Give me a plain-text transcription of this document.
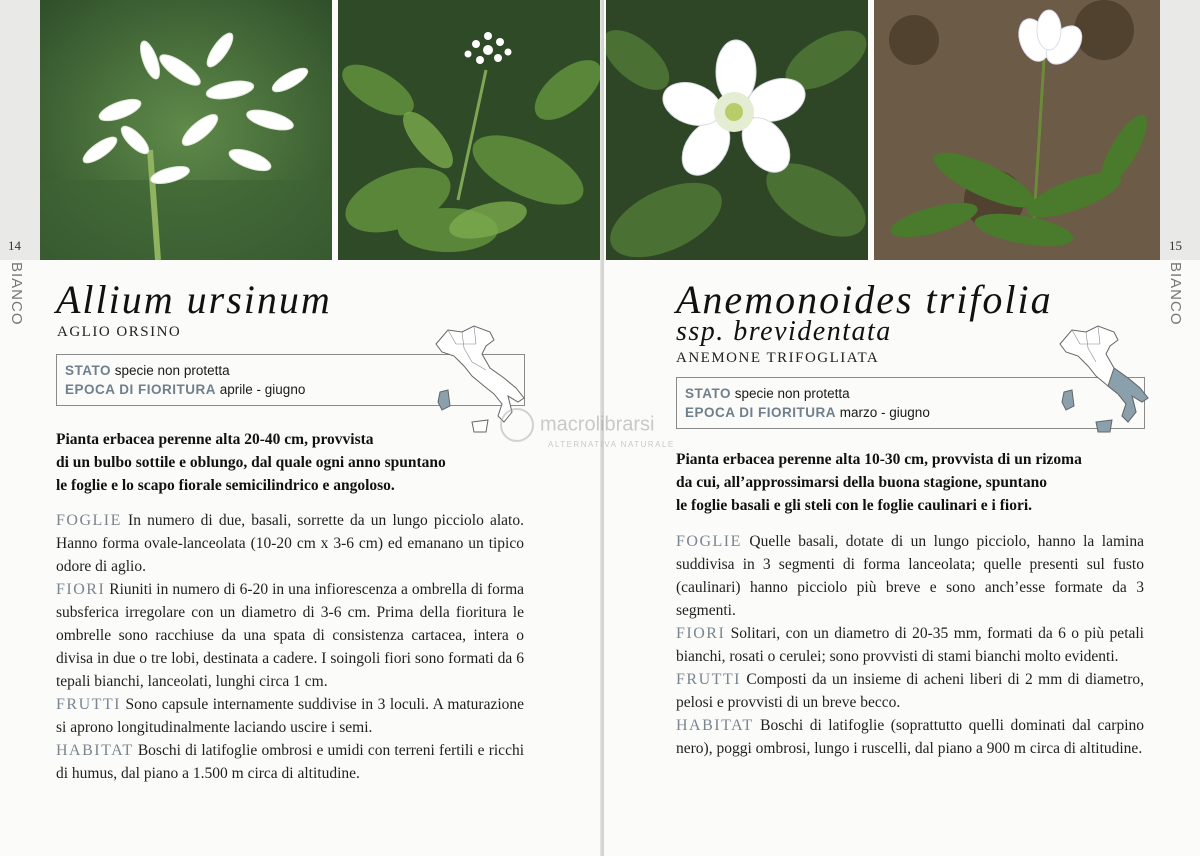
14
BIANCO Allium ursinum
AGLIO ORSINO
STATO specie non protetta
EPOCA DI FIORITURA aprile - giugno
Pianta erbacea perenne alta 20-40 cm, provvista
di un bulbo sottile e oblungo, dal quale ogni anno spuntano
le foglie e lo scapo fiorale semicilindrico e angoloso.
FOGLIE In numero di due, basali, sorrette da un lungo picciolo alato. Hanno forma ovale-lanceolata (10-20 cm x 3-6 cm) ed emanano un tipico odore di aglio.
FIORI Riuniti in numero di 6-20 in una infiorescenza a ombrella di forma subsferica irregolare con un diametro di 3-6 cm. Prima della fioritura le ombrelle sono racchiuse da una spata di consistenza cartacea, intera o divisa in due o tre lobi, destinata a cadere. I soingoli fiori sono formati da 6 tepali bianchi, lanceolati, lunghi circa 1 cm.
FRUTTI Sono capsule internamente suddivise in 3 loculi. A maturazione si aprono longitudinalmente laciando uscire i semi.
HABITAT Boschi di latifoglie ombrosi e umidi con terreni fertili e ricchi di humus, dal piano a 1.500 m circa di altitudine.
15
BIANCO
Anemonoides trifolia
ssp. brevidentata
ANEMONE TRIFOGLIATA
STATO specie non protetta
EPOCA DI FIORITURA marzo - giugno
Pianta erbacea perenne alta 10-30 cm, provvista di un rizoma
da cui, all’approssimarsi della buona stagione, spuntano
le foglie basali e gli steli con le foglie caulinari e i fiori.
FOGLIE Quelle basali, dotate di un lungo picciolo, hanno la lamina suddivisa in 3 segmenti di forma lanceolata; quelle presenti sul fusto (caulinari) hanno picciolo più breve e sono anch’esse formate da 3 segmenti.
FIORI Solitari, con un diametro di 20-35 mm, formati da 6 o più petali bianchi, rosati o cerulei; sono provvisti di stami bianchi molto evidenti.
FRUTTI Composti da un insieme di acheni liberi di 2 mm di diametro, pelosi e provvisti di un breve becco.
HABITAT Boschi di latifoglie (soprattutto quelli dominati dal carpino nero), poggi ombrosi, lungo i ruscelli, dal piano a 900 m circa di altitudine.
macrolibrarsi
ALTERNATIVA NATURALE
